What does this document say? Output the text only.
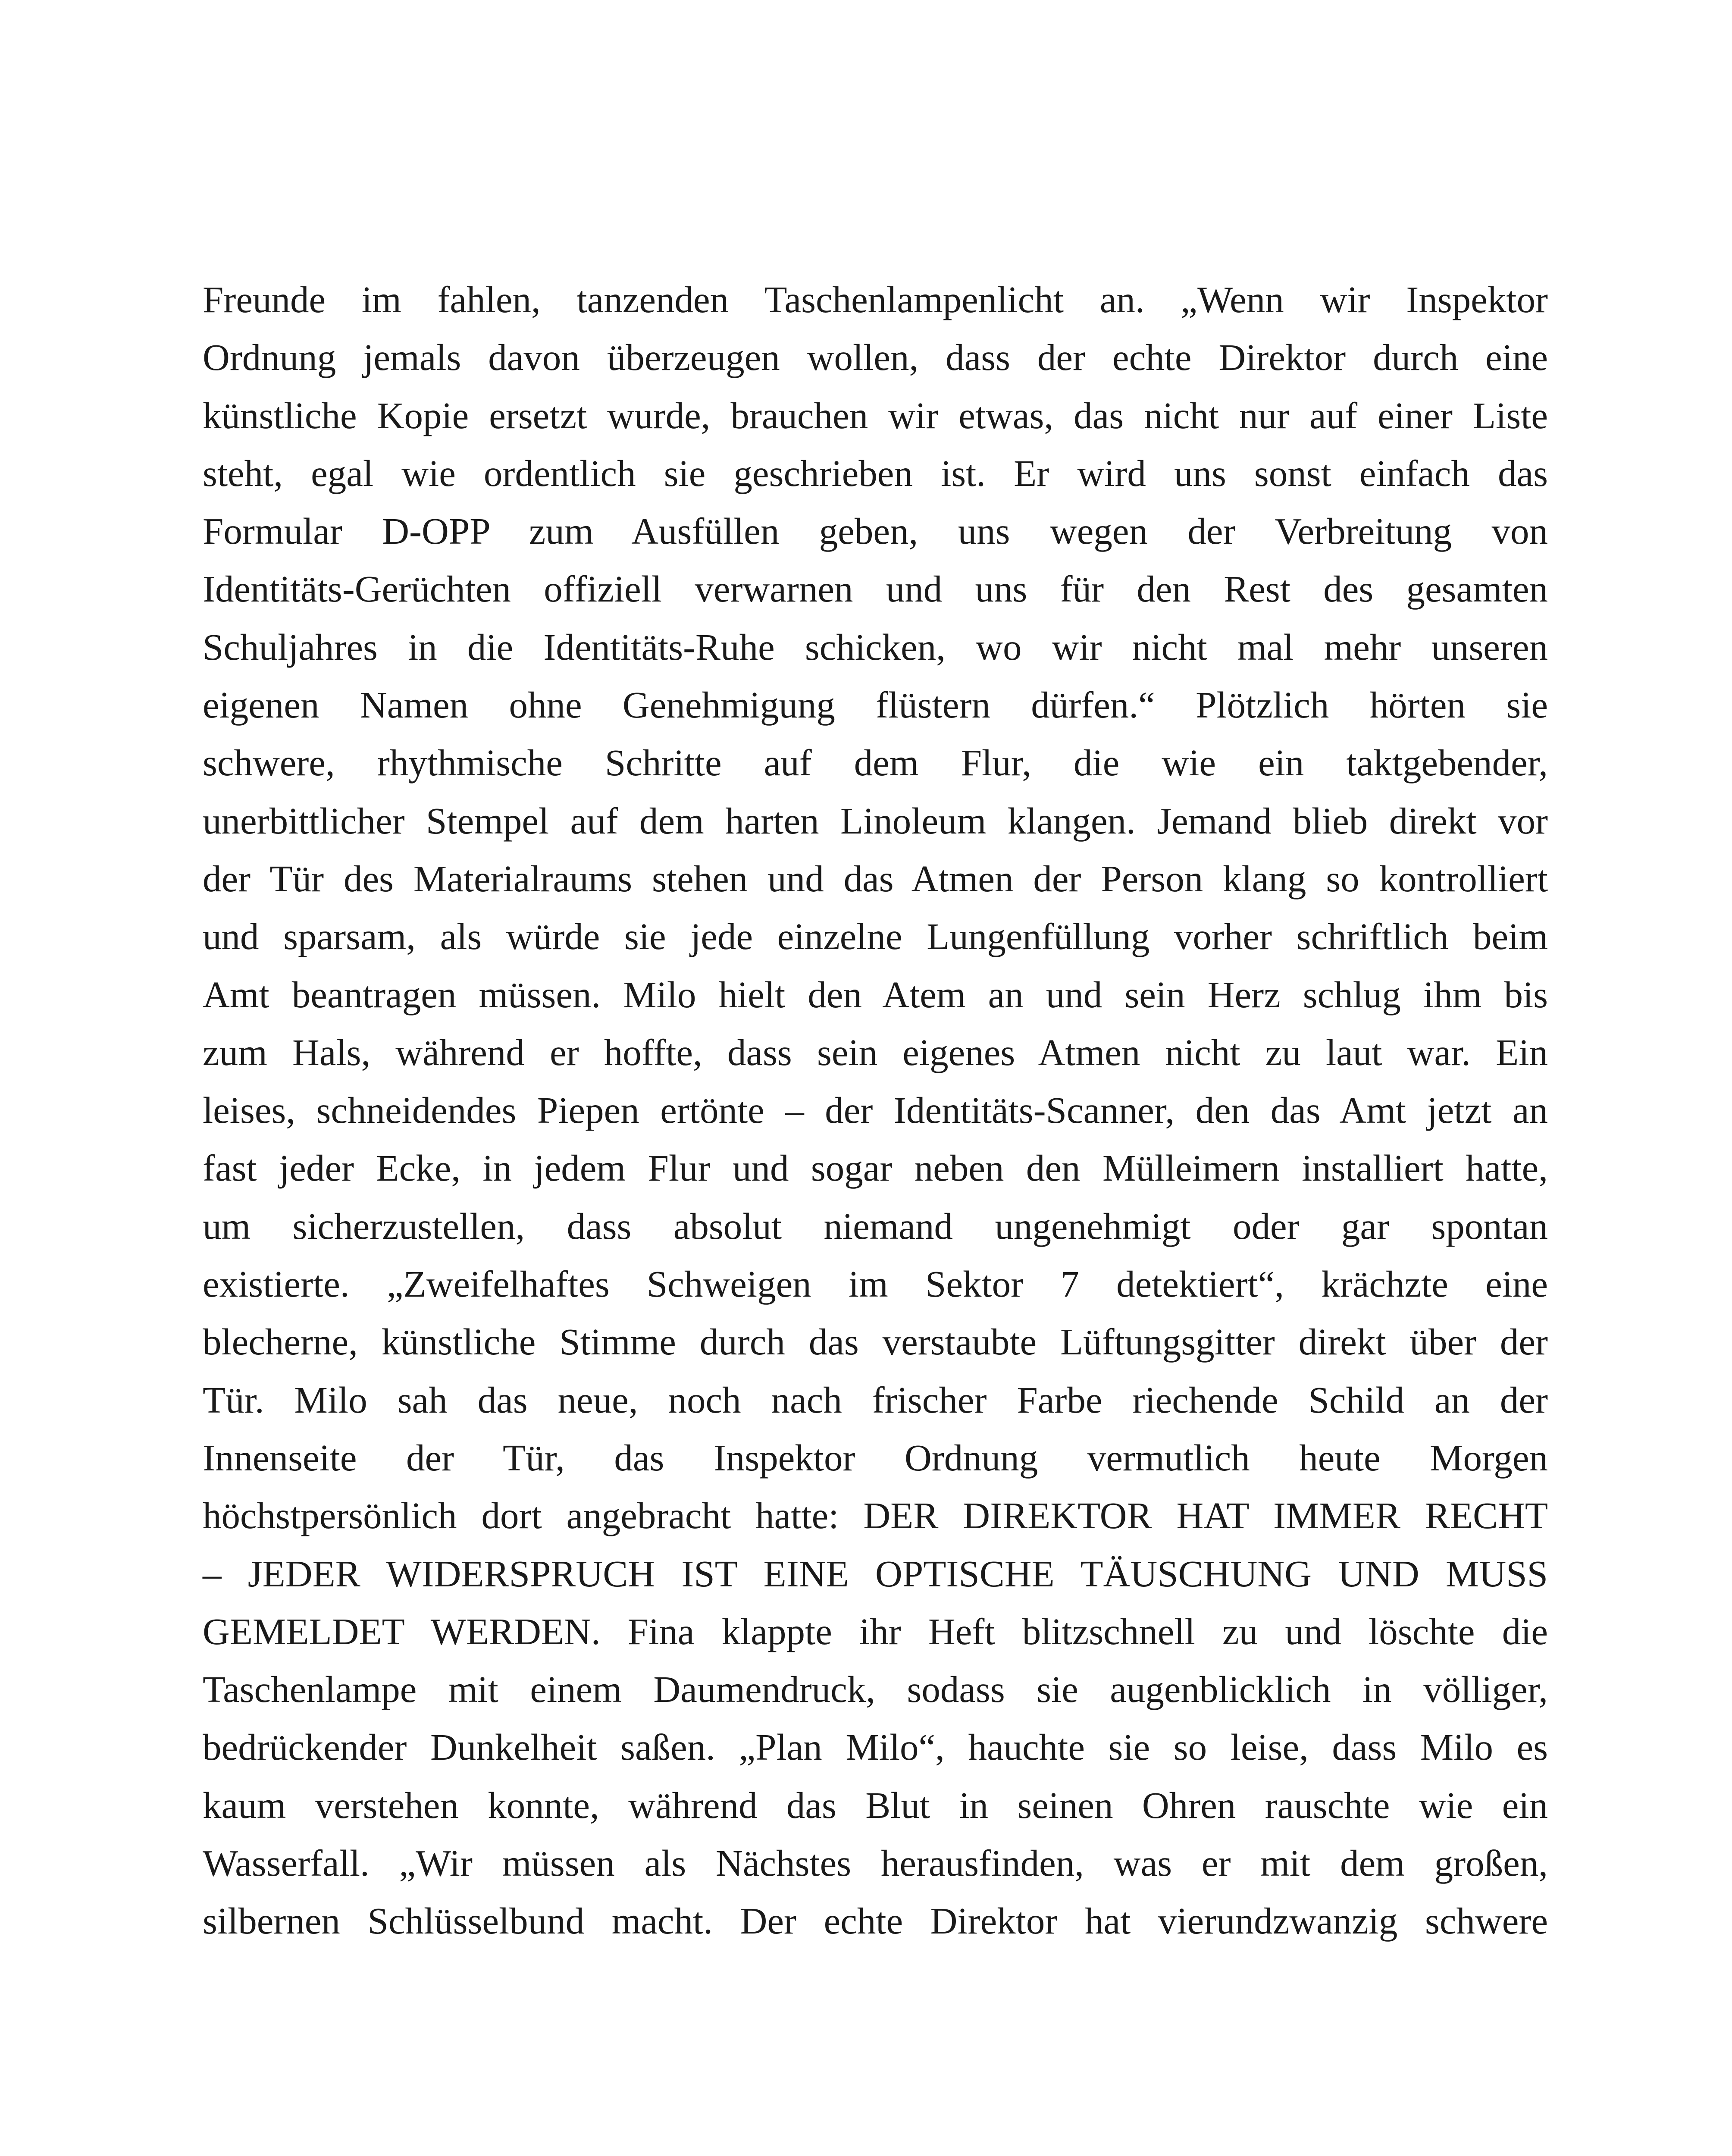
Freunde im fahlen, tanzenden Taschenlampenlicht an. „Wenn wir Inspektor
Ordnung jemals davon überzeugen wollen, dass der echte Direktor durch eine
künstliche Kopie ersetzt wurde, brauchen wir etwas, das nicht nur auf einer Liste
steht, egal wie ordentlich sie geschrieben ist. Er wird uns sonst einfach das
Formular D-OPP zum Ausfüllen geben, uns wegen der Verbreitung von
Identitäts-Gerüchten offiziell verwarnen und uns für den Rest des gesamten
Schuljahres in die Identitäts-Ruhe schicken, wo wir nicht mal mehr unseren
eigenen Namen ohne Genehmigung flüstern dürfen.“ Plötzlich hörten sie
schwere, rhythmische Schritte auf dem Flur, die wie ein taktgebender,
unerbittlicher Stempel auf dem harten Linoleum klangen. Jemand blieb direkt vor
der Tür des Materialraums stehen und das Atmen der Person klang so kontrolliert
und sparsam, als würde sie jede einzelne Lungenfüllung vorher schriftlich beim
Amt beantragen müssen. Milo hielt den Atem an und sein Herz schlug ihm bis
zum Hals, während er hoffte, dass sein eigenes Atmen nicht zu laut war. Ein
leises, schneidendes Piepen ertönte – der Identitäts-Scanner, den das Amt jetzt an
fast jeder Ecke, in jedem Flur und sogar neben den Mülleimern installiert hatte,
um sicherzustellen, dass absolut niemand ungenehmigt oder gar spontan
existierte. „Zweifelhaftes Schweigen im Sektor 7 detektiert“, krächzte eine
blecherne, künstliche Stimme durch das verstaubte Lüftungsgitter direkt über der
Tür. Milo sah das neue, noch nach frischer Farbe riechende Schild an der
Innenseite der Tür, das Inspektor Ordnung vermutlich heute Morgen
höchstpersönlich dort angebracht hatte: DER DIREKTOR HAT IMMER RECHT
– JEDER WIDERSPRUCH IST EINE OPTISCHE TÄUSCHUNG UND MUSS
GEMELDET WERDEN. Fina klappte ihr Heft blitzschnell zu und löschte die
Taschenlampe mit einem Daumendruck, sodass sie augenblicklich in völliger,
bedrückender Dunkelheit saßen. „Plan Milo“, hauchte sie so leise, dass Milo es
kaum verstehen konnte, während das Blut in seinen Ohren rauschte wie ein
Wasserfall. „Wir müssen als Nächstes herausfinden, was er mit dem großen,
silbernen Schlüsselbund macht. Der echte Direktor hat vierundzwanzig schwere
